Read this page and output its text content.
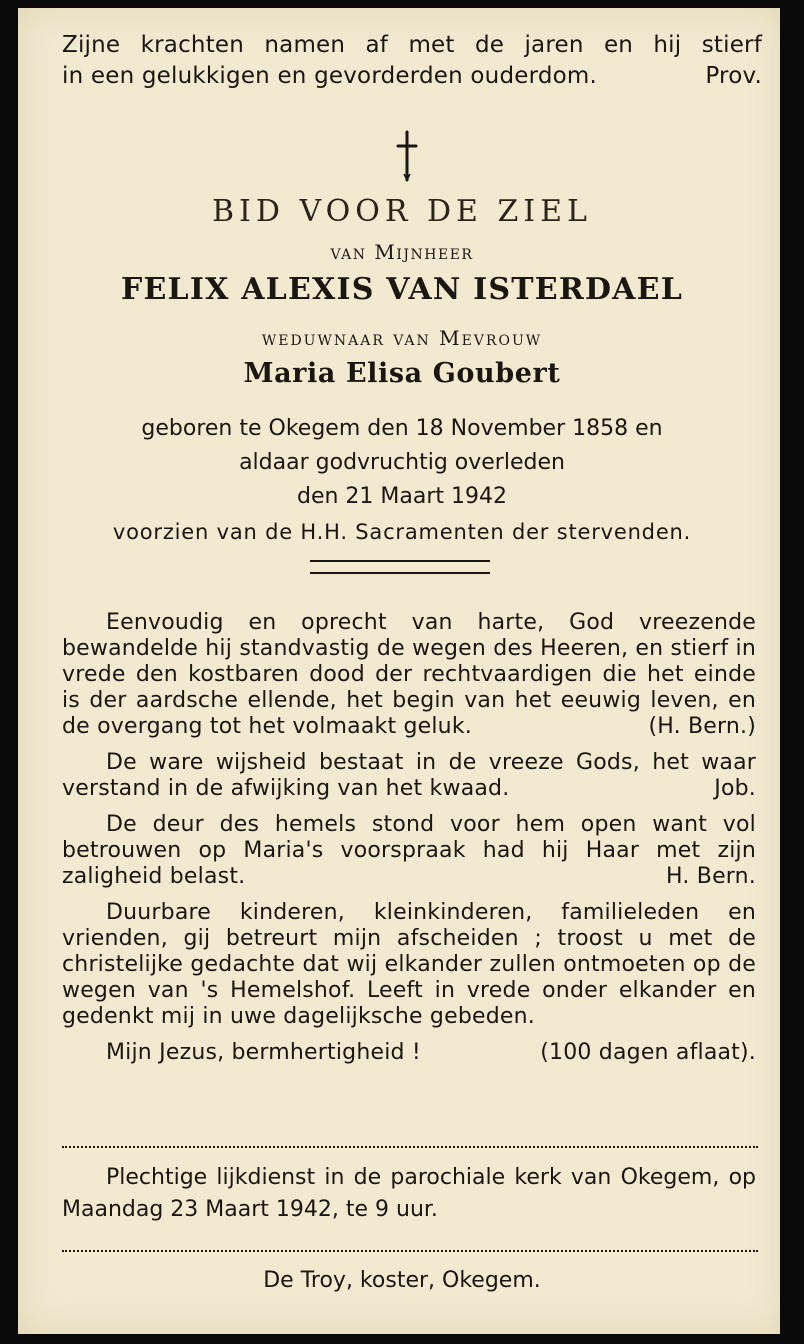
Zijne krachten namen af met de jaren en hij stierf

in een gelukkigen en gevorderden ouderdom.	Prov.
BID VOOR DE ZIEL
van Mijnheer
FELIX ALEXIS VAN ISTERDAEL
weduwnaar van Mevrouw
Maria Elisa Goubert
geboren te Okegem den 18 November 1858 en
aldaar godvruchtig overleden
den 21 Maart 1942
voorzien van de H.H. Sacramenten der stervenden.

Eenvoudig en oprecht van harte, God vreezende bewandelde hij standvastig de wegen des Heeren, en stierf in vrede den kostbaren dood der rechtvaardigen die het einde is der aardsche ellende, het begin van het eeuwig leven, en de overgang tot het volmaakt geluk.	(H. Bern.)

De ware wijsheid bestaat in de vreeze Gods, het waar verstand in de afwijking van het kwaad.	Job.

De deur des hemels stond voor hem open want vol betrouwen op Maria's voorspraak had hij Haar met zijn zaligheid belast.	H. Bern.

Duurbare kinderen, kleinkinderen, familieleden en vrienden, gij betreurt mijn afscheiden ; troost u met de christelijke gedachte dat wij elkander zullen ontmoeten op de wegen van 's Hemelshof. Leeft in vrede onder elkander en gedenkt mij in uwe dagelijksche gebeden.

Mijn Jezus, bermhertigheid !	(100 dagen aflaat).

Plechtige lijkdienst in de parochiale kerk van Okegem, op Maandag 23 Maart 1942, te 9 uur.
De Troy, koster, Okegem.
